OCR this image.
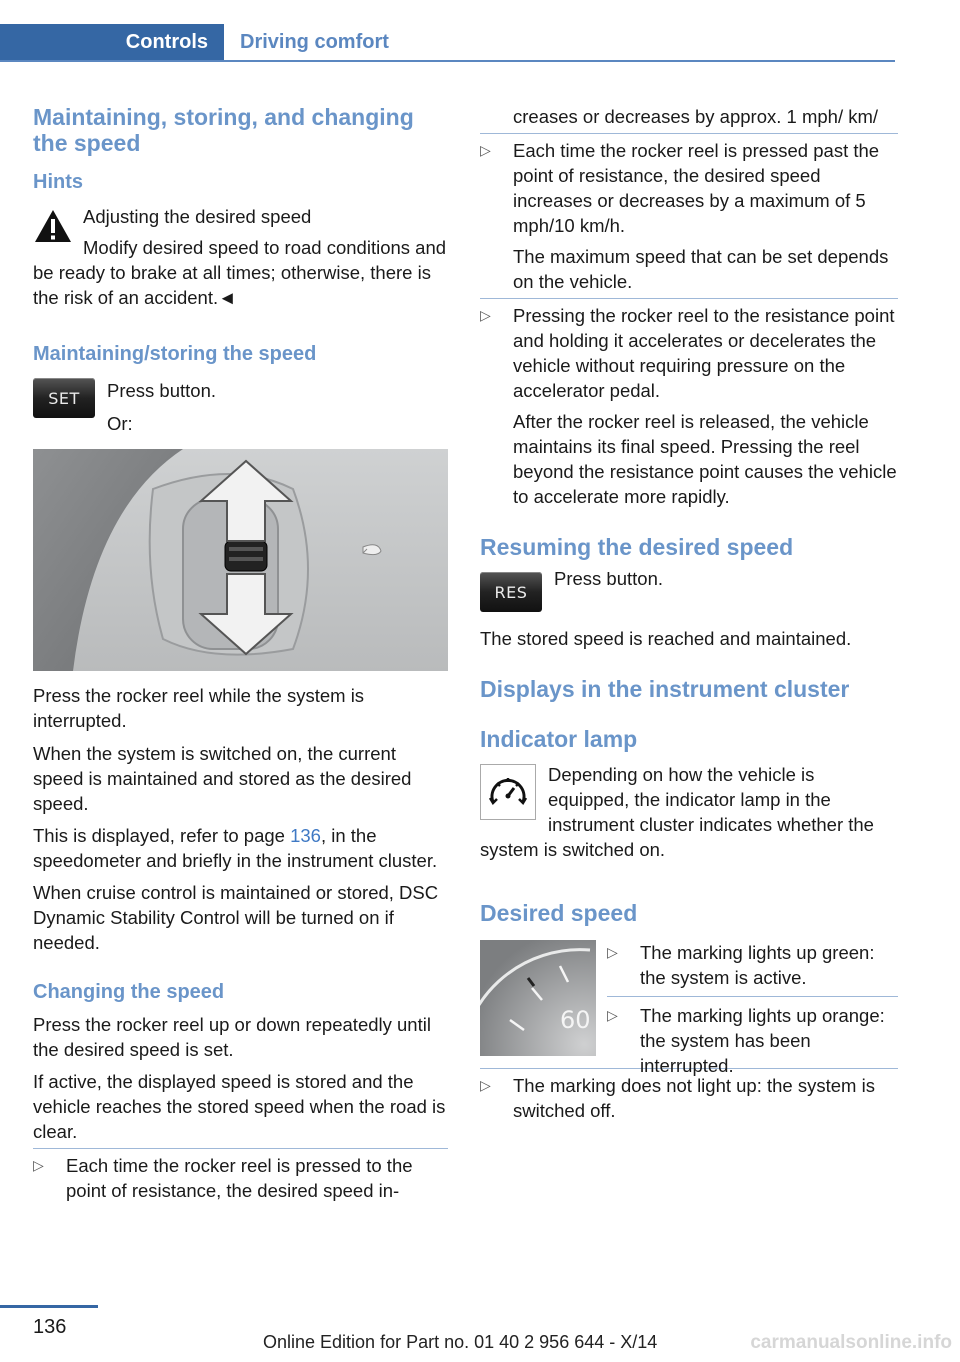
Controls	Driving comfort
Maintaining, storing, and changing the speed
Hints

Adjusting the desired speed

Modify desired speed to road conditions and be ready to brake at all times; otherwise, there is the risk of an accident.◄

Maintaining/storing the speed
SET	Press button.

Or:

Press the rocker reel while the system is interrupted.

When the system is switched on, the current speed is maintained and stored as the desired speed.

This is displayed, refer to page 136, in the speedometer and briefly in the instrument cluster.

When cruise control is maintained or stored, DSC Dynamic Stability Control will be turned on if needed.

Changing the speed

Press the rocker reel up or down repeatedly until the desired speed is set.

If active, the displayed speed is stored and the vehicle reaches the stored speed when the road is clear.

▷ Each time the rocker reel is pressed to the point of resistance, the desired speed in-
creases or decreases by approx. 1 mph/ km/
▷ Each time the rocker reel is pressed past the point of resistance, the desired speed increases or decreases by a maximum of 5 mph/10 km/h.

The maximum speed that can be set depends on the vehicle.

▷ Pressing the rocker reel to the resistance point and holding it accelerates or decelerates the vehicle without requiring pressure on the accelerator pedal.

After the rocker reel is released, the vehicle maintains its final speed. Pressing the reel beyond the resistance point causes the vehicle to accelerate more rapidly.

Resuming the desired speed
RES

Press button.

The stored speed is reached and maintained.

Displays in the instrument cluster
Indicator lamp

Depending on how the vehicle is equipped, the indicator lamp in the instrument cluster indicates whether the system is switched on.

Desired speed
60
▷ The marking lights up green: the system is active.
▷ The marking lights up orange: the system has been interrupted.
▷ The marking does not light up: the system is switched off.
136
Online Edition for Part no. 01 40 2 956 644 - X/14	carmanualsonline.info
